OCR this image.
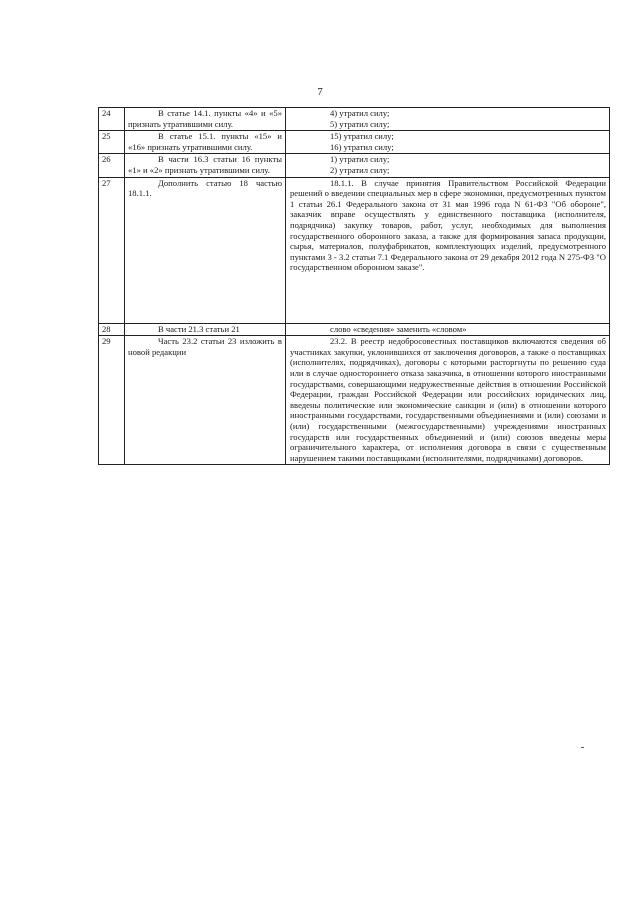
7
24	В статье 14.1. пункты «4» и «5» признать утратившими силу.	4) утратил силу;
5) утратил силу;

25	В статье 15.1. пункты «15» и «16» признать утратившими силу.	15) утратил силу;
16) утратил силу;

26	В части 16.3 статьи 16 пункты «1» и «2» признать утратившими силу.	1) утратил силу;
2) утратил силу;

27	Дополнить статью 18 частью 18.1.1.	18.1.1. В случае принятия Правительством Российской Федерации решений о введении специальных мер в сфере экономики, предусмотренных пунктом 1 статьи 26.1 Федерального закона от 31 мая 1996 года N 61-ФЗ "Об обороне", заказчик вправе осуществлять у единственного поставщика (исполнителя, подрядчика) закупку товаров, работ, услуг, необходимых для выполнения государственного оборонного заказа, а также для формирования запаса продукции, сырья, материалов, полуфабрикатов, комплектующих изделий, предусмотренного пунктами 3 - 3.2 статьи 7.1 Федерального закона от 29 декабря 2012 года N 275-ФЗ "О государственном оборонном заказе".
28	В части 21.3 статьи 21	слово «сведения» заменить «словом»

29	Часть 23.2 статьи 23 изложить в новой редакции	23.2. В реестр недобросовестных поставщиков включаются сведения об участниках закупки, уклонившихся от заключения договоров, а также о поставщиках (исполнителях, подрядчиках), договоры с которыми расторгнуты по решению суда или в случае одностороннего отказа заказчика, в отношении которого иностранными государствами, совершающими недружественные действия в отношении Российской Федерации, граждан Российской Федерации или российских юридических лиц, введены политические или экономические санкции и (или) в отношении которого иностранными государствами, государственными объединениями и (или) союзами и (или) государственными (межгосударственными) учреждениями иностранных государств или государственных объединений и (или) союзов введены меры ограничительного характера, от исполнения договора в связи с существенным нарушением такими поставщиками (исполнителями, подрядчиками) договоров.
